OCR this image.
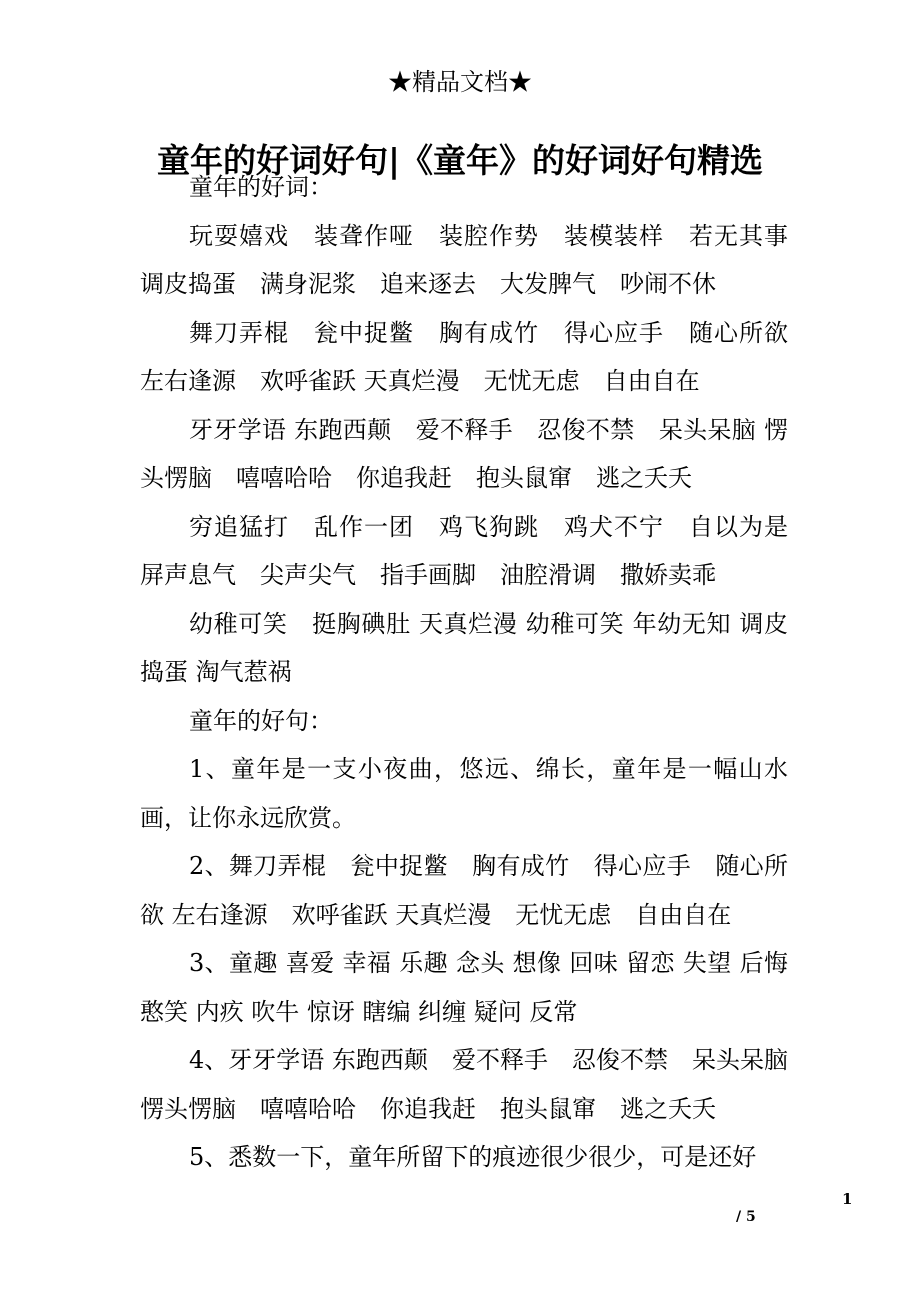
★精品文档★
童年的好词好句|《童年》的好词好句精选

童年的好词：

玩耍嬉戏　装聋作哑　装腔作势　装模装样　若无其事 调皮捣蛋　满身泥浆　追来逐去　大发脾气　吵闹不休

舞刀弄棍　瓮中捉鳖　胸有成竹　得心应手　随心所欲 左右逢源　欢呼雀跃 天真烂漫　无忧无虑　自由自在

牙牙学语 东跑西颠　爱不释手　忍俊不禁　呆头呆脑 愣头愣脑　嘻嘻哈哈　你追我赶　抱头鼠窜　逃之夭夭

穷追猛打　乱作一团　鸡飞狗跳　鸡犬不宁　自以为是 屏声息气　尖声尖气　指手画脚　油腔滑调　撒娇卖乖

幼稚可笑　挺胸碘肚 天真烂漫 幼稚可笑 年幼无知 调皮捣蛋 淘气惹祸

童年的好句：

1、童年是一支小夜曲，悠远、绵长，童年是一幅山水画，让你永远欣赏。

2、舞刀弄棍　瓮中捉鳖　胸有成竹　得心应手　随心所欲 左右逢源　欢呼雀跃 天真烂漫　无忧无虑　自由自在

3、童趣 喜爱 幸福 乐趣 念头 想像 回味 留恋 失望 后悔 憨笑 内疚 吹牛 惊讶 瞎编 纠缠 疑问 反常

4、牙牙学语 东跑西颠　爱不释手　忍俊不禁　呆头呆脑 愣头愣脑　嘻嘻哈哈　你追我赶　抱头鼠窜　逃之夭夭

5、悉数一下，童年所留下的痕迹很少很少，可是还好

1
/ 5
